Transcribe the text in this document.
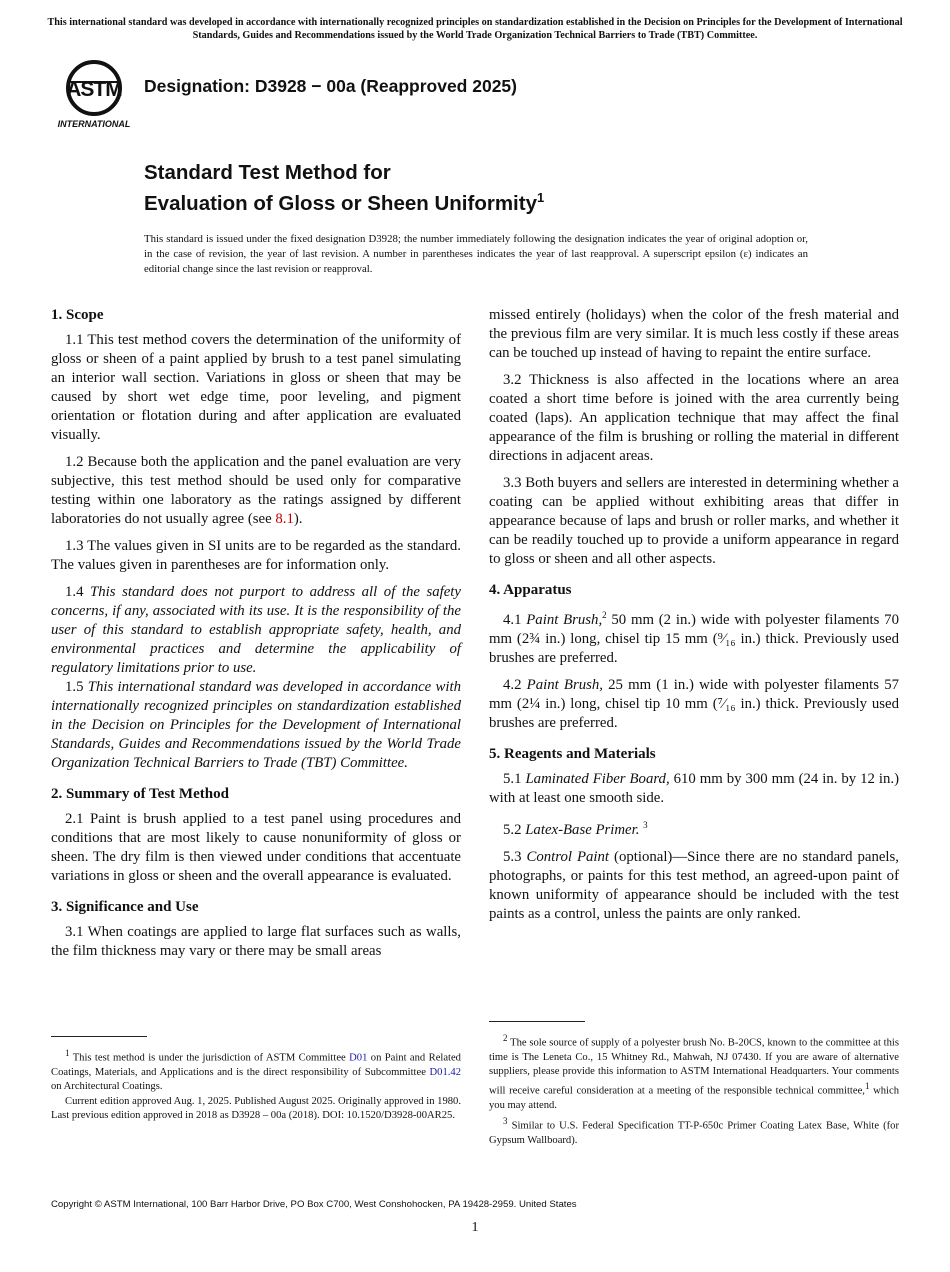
This international standard was developed in accordance with internationally recognized principles on standardization established in the Decision on Principles for the Development of International Standards, Guides and Recommendations issued by the World Trade Organization Technical Barriers to Trade (TBT) Committee.
ASTM
INTERNATIONAL
Designation: D3928 − 00a (Reapproved 2025)
Standard Test Method for
Evaluation of Gloss or Sheen Uniformity$^1$
This standard is issued under the fixed designation D3928; the number immediately following the designation indicates the year of original adoption or, in the case of revision, the year of last revision. A number in parentheses indicates the year of last reapproval. A superscript epsilon (ε) indicates an editorial change since the last revision or reapproval.
1. Scope

1.1 This test method covers the determination of the uniformity of gloss or sheen of a paint applied by brush to a test panel simulating an interior wall section. Variations in gloss or sheen that may be caused by short wet edge time, poor leveling, and pigment orientation or flotation during and after application are evaluated visually.

1.2 Because both the application and the panel evaluation are very subjective, this test method should be used only for comparative testing within one laboratory as the ratings assigned by different laboratories do not usually agree (see 8.1).

1.3 The values given in SI units are to be regarded as the standard. The values given in parentheses are for information only.

1.4 This standard does not purport to address all of the safety concerns, if any, associated with its use. It is the responsibility of the user of this standard to establish appropriate safety, health, and environmental practices and determine the applicability of regulatory limitations prior to use.

1.5 This international standard was developed in accordance with internationally recognized principles on standardization established in the Decision on Principles for the Development of International Standards, Guides and Recommendations issued by the World Trade Organization Technical Barriers to Trade (TBT) Committee.

2. Summary of Test Method

2.1 Paint is brush applied to a test panel using procedures and conditions that are most likely to cause nonuniformity of gloss or sheen. The dry film is then viewed under conditions that accentuate variations in gloss or sheen and the overall appearance is evaluated.

3. Significance and Use

3.1 When coatings are applied to large flat surfaces such as walls, the film thickness may vary or there may be small areas

missed entirely (holidays) when the color of the fresh material and the previous film are very similar. It is much less costly if these areas can be touched up instead of having to repaint the entire surface.

3.2 Thickness is also affected in the locations where an area coated a short time before is joined with the area currently being coated (laps). An application technique that may affect the final appearance of the film is brushing or rolling the material in different directions in adjacent areas.

3.3 Both buyers and sellers are interested in determining whether a coating can be applied without exhibiting areas that differ in appearance because of laps and brush or roller marks, and whether it can be readily touched up to provide a uniform appearance in regard to gloss or sheen and all other aspects.

4. Apparatus

4.1 Paint Brush,$^2$ 50 mm (2 in.) wide with polyester filaments 70 mm (2¾ in.) long, chisel tip 15 mm (⁹⁄₁₆ in.) thick. Previously used brushes are preferred.

4.2 Paint Brush, 25 mm (1 in.) wide with polyester filaments 57 mm (2¼ in.) long, chisel tip 10 mm (⁷⁄₁₆ in.) thick. Previously used brushes are preferred.

5. Reagents and Materials

5.1 Laminated Fiber Board, 610 mm by 300 mm (24 in. by 12 in.) with at least one smooth side.

5.2 Latex-Base Primer. $^3$

5.3 Control Paint (optional)—Since there are no standard panels, photographs, or paints for this test method, an agreed-upon paint of known uniformity of appearance should be included with the test paints as a control, unless the paints are only ranked.

$^1$ This test method is under the jurisdiction of ASTM Committee D01 on Paint and Related Coatings, Materials, and Applications and is the direct responsibility of Subcommittee D01.42 on Architectural Coatings.

Current edition approved Aug. 1, 2025. Published August 2025. Originally approved in 1980. Last previous edition approved in 2018 as D3928 – 00a (2018). DOI: 10.1520/D3928-00AR25.

$^2$ The sole source of supply of a polyester brush No. B-20CS, known to the committee at this time is The Leneta Co., 15 Whitney Rd., Mahwah, NJ 07430. If you are aware of alternative suppliers, please provide this information to ASTM International Headquarters. Your comments will receive careful consideration at a meeting of the responsible technical committee,$^1$ which you may attend.

$^3$ Similar to U.S. Federal Specification TT-P-650c Primer Coating Latex Base, White (for Gypsum Wallboard).

Copyright © ASTM International, 100 Barr Harbor Drive, PO Box C700, West Conshohocken, PA 19428-2959. United States
1
